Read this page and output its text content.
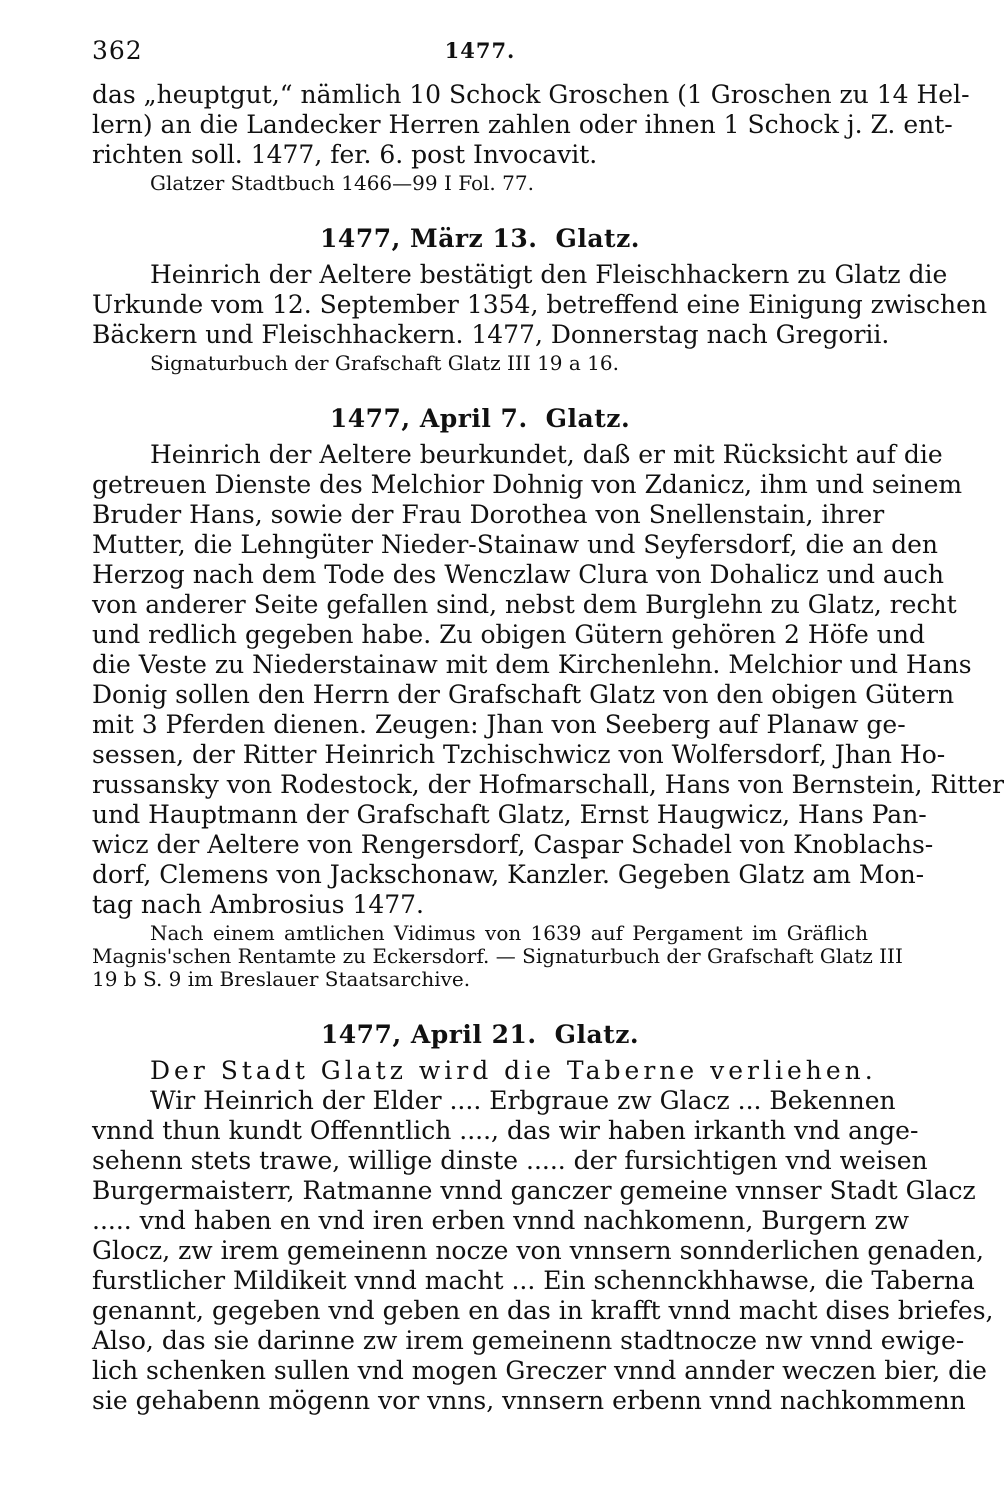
362	1477.
das „heuptgut,“ nämlich 10 Schock Groschen (1 Groschen zu 14 Hel-
lern) an die Landecker Herren zahlen oder ihnen 1 Schock j. Z. ent-
richten soll. 1477, fer. 6. post Invocavit.
Glatzer Stadtbuch 1466—99 I Fol. 77.
1477, März 13. Glatz.
Heinrich der Aeltere bestätigt den Fleischhackern zu Glatz die
Urkunde vom 12. September 1354, betreffend eine Einigung zwischen
Bäckern und Fleischhackern. 1477, Donnerstag nach Gregorii.
Signaturbuch der Grafschaft Glatz III 19 a 16.
1477, April 7. Glatz.
Heinrich der Aeltere beurkundet, daß er mit Rücksicht auf die
getreuen Dienste des Melchior Dohnig von Zdanicz, ihm und seinem
Bruder Hans, sowie der Frau Dorothea von Snellenstain, ihrer
Mutter, die Lehngüter Nieder-Stainaw und Seyfersdorf, die an den
Herzog nach dem Tode des Wenczlaw Clura von Dohalicz und auch
von anderer Seite gefallen sind, nebst dem Burglehn zu Glatz, recht
und redlich gegeben habe. Zu obigen Gütern gehören 2 Höfe und
die Veste zu Niederstainaw mit dem Kirchenlehn. Melchior und Hans
Donig sollen den Herrn der Grafschaft Glatz von den obigen Gütern
mit 3 Pferden dienen. Zeugen: Jhan von Seeberg auf Planaw ge-
sessen, der Ritter Heinrich Tzchischwicz von Wolfersdorf, Jhan Ho-
russansky von Rodestock, der Hofmarschall, Hans von Bernstein, Ritter
und Hauptmann der Grafschaft Glatz, Ernst Haugwicz, Hans Pan-
wicz der Aeltere von Rengersdorf, Caspar Schadel von Knoblachs-
dorf, Clemens von Jackschonaw, Kanzler. Gegeben Glatz am Mon-
tag nach Ambrosius 1477.
Nach einem amtlichen Vidimus von 1639 auf Pergament im Gräflich
Magnis'schen Rentamte zu Eckersdorf. — Signaturbuch der Grafschaft Glatz III
19 b S. 9 im Breslauer Staatsarchive.
1477, April 21. Glatz.
Der Stadt Glatz wird die Taberne verliehen.
Wir Heinrich der Elder .... Erbgraue zw Glacz ... Bekennen
vnnd thun kundt Offenntlich ...., das wir haben irkanth vnd ange-
sehenn stets trawe, willige dinste ..... der fursichtigen vnd weisen
Burgermaisterr, Ratmanne vnnd ganczer gemeine vnnser Stadt Glacz
..... vnd haben en vnd iren erben vnnd nachkomenn, Burgern zw
Glocz, zw irem gemeinenn nocze von vnnsern sonnderlichen genaden,
furstlicher Mildikeit vnnd macht ... Ein schennckhhawse, die Taberna
genannt, gegeben vnd geben en das in krafft vnnd macht dises briefes,
Also, das sie darinne zw irem gemeinenn stadtnocze nw vnnd ewige-
lich schenken sullen vnd mogen Greczer vnnd annder weczen bier, die
sie gehabenn mögenn vor vnns, vnnsern erbenn vnnd nachkommenn
